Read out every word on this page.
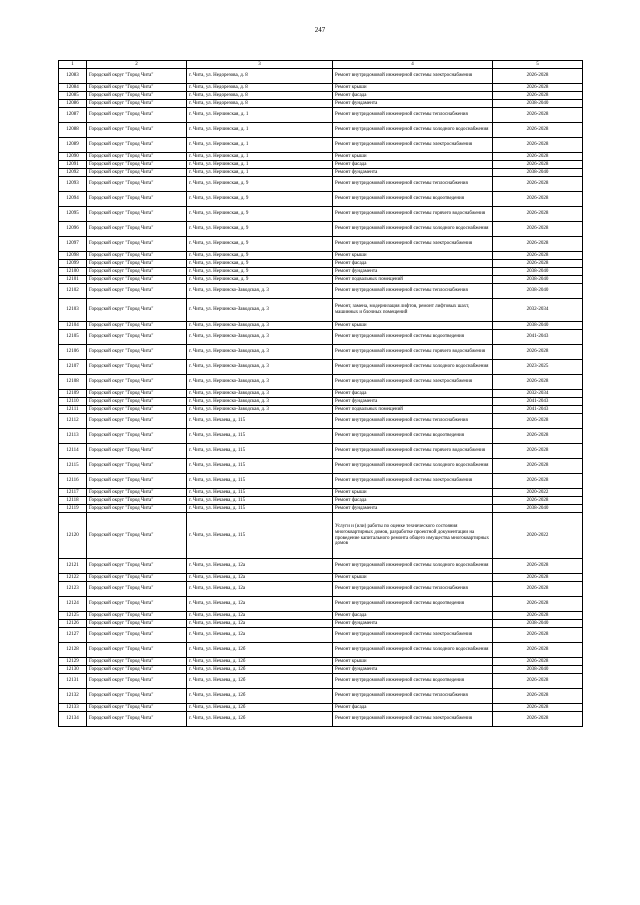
247
1	2	3	4	5
12083	Городской округ "Город Чита"	г. Чита, ул. Недорезова, д. 8	Ремонт внутридомовой инженерной системы электроснабжения	2026-2028
12084	Городской округ "Город Чита"	г. Чита, ул. Недорезова, д. 8	Ремонт крыши	2026-2028
12085	Городской округ "Город Чита"	г. Чита, ул. Недорезова, д. 8	Ремонт фасада	2026-2028
12086	Городской округ "Город Чита"	г. Чита, ул. Недорезова, д. 8	Ремонт фундамента	2038-2040
12087	Городской округ "Город Чита"	г. Чита, ул. Нерчинская, д. 1	Ремонт внутридомовой инженерной системы теплоснабжения	2026-2028
12088	Городской округ "Город Чита"	г. Чита, ул. Нерчинская, д. 1	Ремонт внутридомовой инженерной системы холодного водоснабжения	2026-2028
12089	Городской округ "Город Чита"	г. Чита, ул. Нерчинская, д. 1	Ремонт внутридомовой инженерной системы электроснабжения	2026-2028
12090	Городской округ "Город Чита"	г. Чита, ул. Нерчинская, д. 1	Ремонт крыши	2026-2028
12091	Городской округ "Город Чита"	г. Чита, ул. Нерчинская, д. 1	Ремонт фасада	2026-2028
12092	Городской округ "Город Чита"	г. Чита, ул. Нерчинская, д. 1	Ремонт фундамента	2038-2040
12093	Городской округ "Город Чита"	г. Чита, ул. Нерчинская, д. 9	Ремонт внутридомовой инженерной системы теплоснабжения	2026-2028
12094	Городской округ "Город Чита"	г. Чита, ул. Нерчинская, д. 9	Ремонт внутридомовой инженерной системы водоотведения	2026-2028
12095	Городской округ "Город Чита"	г. Чита, ул. Нерчинская, д. 9	Ремонт внутридомовой инженерной системы горячего водоснабжения	2026-2028
12096	Городской округ "Город Чита"	г. Чита, ул. Нерчинская, д. 9	Ремонт внутридомовой инженерной системы холодного водоснабжения	2026-2028
12097	Городской округ "Город Чита"	г. Чита, ул. Нерчинская, д. 9	Ремонт внутридомовой инженерной системы электроснабжения	2026-2028
12098	Городской округ "Город Чита"	г. Чита, ул. Нерчинская, д. 9	Ремонт крыши	2026-2028
12099	Городской округ "Город Чита"	г. Чита, ул. Нерчинская, д. 9	Ремонт фасада	2026-2028
12100	Городской округ "Город Чита"	г. Чита, ул. Нерчинская, д. 9	Ремонт фундамента	2038-2040
12101	Городской округ "Город Чита"	г. Чита, ул. Нерчинская, д. 9	Ремонт подвальных помещений	2038-2040
12102	Городской округ "Город Чита"	г. Чита, ул. Нерчинско-Заводская, д. 3	Ремонт внутридомовой инженерной системы теплоснабжения	2038-2040
12103	Городской округ "Город Чита"	г. Чита, ул. Нерчинско-Заводская, д. 3	Ремонт, замена, модернизация лифтов, ремонт лифтовых шахт, машинных и блочных помещений	2032-2034
12104	Городской округ "Город Чита"	г. Чита, ул. Нерчинско-Заводская, д. 3	Ремонт крыши	2038-2040
12105	Городской округ "Город Чита"	г. Чита, ул. Нерчинско-Заводская, д. 3	Ремонт внутридомовой инженерной системы водоотведения	2041-2043
12106	Городской округ "Город Чита"	г. Чита, ул. Нерчинско-Заводская, д. 3	Ремонт внутридомовой инженерной системы горячего водоснабжения	2026-2028
12107	Городской округ "Город Чита"	г. Чита, ул. Нерчинско-Заводская, д. 3	Ремонт внутридомовой инженерной системы холодного водоснабжения	2023-2025
12108	Городской округ "Город Чита"	г. Чита, ул. Нерчинско-Заводская, д. 3	Ремонт внутридомовой инженерной системы электроснабжения	2026-2028
12109	Городской округ "Город Чита"	г. Чита, ул. Нерчинско-Заводская, д. 3	Ремонт фасада	2032-2034
12110	Городской округ "Город Чита"	г. Чита, ул. Нерчинско-Заводская, д. 3	Ремонт фундамента	2041-2043
12111	Городской округ "Город Чита"	г. Чита, ул. Нерчинско-Заводская, д. 3	Ремонт подвальных помещений	2041-2043
12112	Городской округ "Город Чита"	г. Чита, ул. Нечаева, д. 115	Ремонт внутридомовой инженерной системы теплоснабжения	2026-2028
12113	Городской округ "Город Чита"	г. Чита, ул. Нечаева, д. 115	Ремонт внутридомовой инженерной системы водоотведения	2026-2028
12114	Городской округ "Город Чита"	г. Чита, ул. Нечаева, д. 115	Ремонт внутридомовой инженерной системы горячего водоснабжения	2026-2028
12115	Городской округ "Город Чита"	г. Чита, ул. Нечаева, д. 115	Ремонт внутридомовой инженерной системы холодного водоснабжения	2026-2028
12116	Городской округ "Город Чита"	г. Чита, ул. Нечаева, д. 115	Ремонт внутридомовой инженерной системы электроснабжения	2026-2028
12117	Городской округ "Город Чита"	г. Чита, ул. Нечаева, д. 115	Ремонт крыши	2020-2022
12118	Городской округ "Город Чита"	г. Чита, ул. Нечаева, д. 115	Ремонт фасада	2026-2028
12119	Городской округ "Город Чита"	г. Чита, ул. Нечаева, д. 115	Ремонт фундамента	2038-2040
12120	Городской округ "Город Чита"	г. Чита, ул. Нечаева, д. 115	Услуги и (или) работы по оценке технического состояния многоквартирных домов, разработке проектной документации на проведение капитального ремонта общего имущества многоквартирных домов	2020-2022
12121	Городской округ "Город Чита"	г. Чита, ул. Нечаева, д. 12а	Ремонт внутридомовой инженерной системы холодного водоснабжения	2026-2028
12122	Городской округ "Город Чита"	г. Чита, ул. Нечаева, д. 12а	Ремонт крыши	2026-2028
12123	Городской округ "Город Чита"	г. Чита, ул. Нечаева, д. 12а	Ремонт внутридомовой инженерной системы теплоснабжения	2026-2028
12124	Городской округ "Город Чита"	г. Чита, ул. Нечаева, д. 12а	Ремонт внутридомовой инженерной системы водоотведения	2026-2028
12125	Городской округ "Город Чита"	г. Чита, ул. Нечаева, д. 12а	Ремонт фасада	2026-2028
12126	Городской округ "Город Чита"	г. Чита, ул. Нечаева, д. 12а	Ремонт фундамента	2038-2040
12127	Городской округ "Город Чита"	г. Чита, ул. Нечаева, д. 12а	Ремонт внутридомовой инженерной системы электроснабжения	2026-2028
12128	Городской округ "Город Чита"	г. Чита, ул. Нечаева, д. 12б	Ремонт внутридомовой инженерной системы холодного водоснабжения	2026-2028
12129	Городской округ "Город Чита"	г. Чита, ул. Нечаева, д. 12б	Ремонт крыши	2026-2028
12130	Городской округ "Город Чита"	г. Чита, ул. Нечаева, д. 12б	Ремонт фундамента	2038-2040
12131	Городской округ "Город Чита"	г. Чита, ул. Нечаева, д. 12б	Ремонт внутридомовой инженерной системы водоотведения	2026-2028
12132	Городской округ "Город Чита"	г. Чита, ул. Нечаева, д. 12б	Ремонт внутридомовой инженерной системы теплоснабжения	2026-2028
12133	Городской округ "Город Чита"	г. Чита, ул. Нечаева, д. 12б	Ремонт фасада	2026-2028
12134	Городской округ "Город Чита"	г. Чита, ул. Нечаева, д. 12б	Ремонт внутридомовой инженерной системы электроснабжения	2026-2028
